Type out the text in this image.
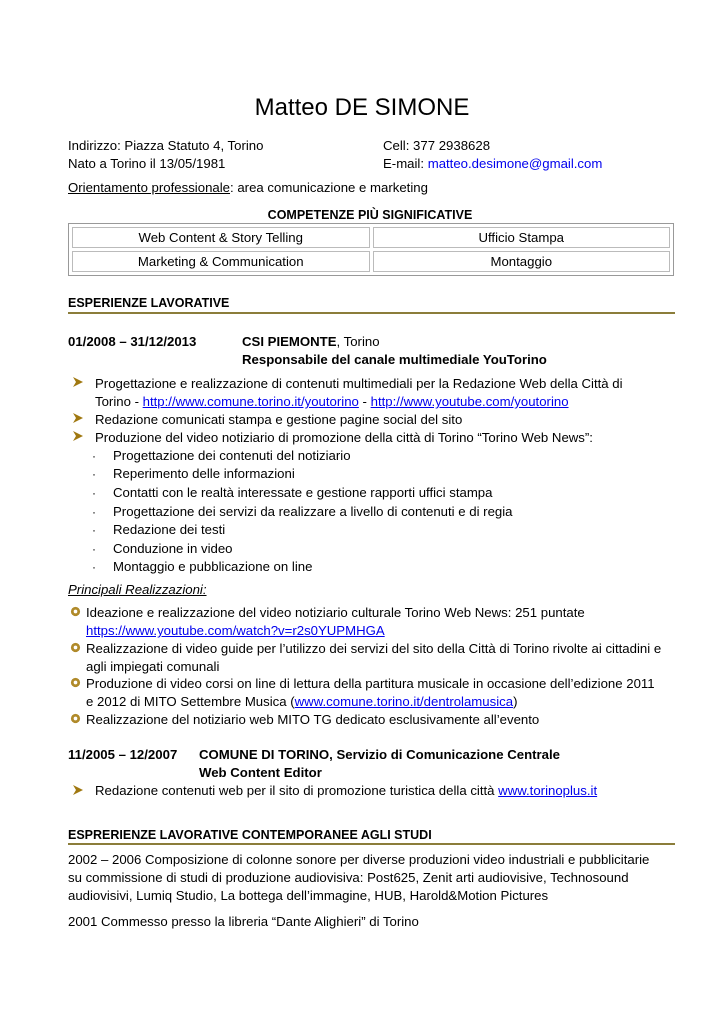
Matteo DE SIMONE
Indirizzo: Piazza Statuto 4, Torino	Cell: 377 2938628
Nato a Torino il 13/05/1981	E-mail: matteo.desimone@gmail.com
Orientamento professionale: area comunicazione e marketing
COMPETENZE PIÙ SIGNIFICATIVE
Web Content & Story Telling	Ufficio Stampa
Marketing & Communication	Montaggio
ESPERIENZE LAVORATIVE
01/2008 – 31/12/2013	CSI PIEMONTE, Torino
Responsabile del canale multimediale YouTorino
Progettazione e realizzazione di contenuti multimediali per la Redazione Web della Città di
Torino - http://www.comune.torino.it/youtorino - http://www.youtube.com/youtorino
Redazione comunicati stampa e gestione pagine social del sito
Produzione del video notiziario di promozione della città di Torino “Torino Web News”:
· Progettazione dei contenuti del notiziario
· Reperimento delle informazioni
· Contatti con le realtà interessate e gestione rapporti uffici stampa
· Progettazione dei servizi da realizzare a livello di contenuti e di regia
· Redazione dei testi
· Conduzione in video
· Montaggio e pubblicazione on line
Principali Realizzazioni:
Ideazione e realizzazione del video notiziario culturale Torino Web News: 251 puntate
https://www.youtube.com/watch?v=r2s0YUPMHGA
Realizzazione di video guide per l’utilizzo dei servizi del sito della Città di Torino rivolte ai cittadini e
agli impiegati comunali
Produzione di video corsi on line di lettura della partitura musicale in occasione dell’edizione 2011
e 2012 di MITO Settembre Musica (www.comune.torino.it/dentrolamusica)
Realizzazione del notiziario web MITO TG dedicato esclusivamente all’evento
11/2005 – 12/2007 COMUNE DI TORINO, Servizio di Comunicazione Centrale
Web Content Editor
Redazione contenuti web per il sito di promozione turistica della città www.torinoplus.it
ESPRERIENZE LAVORATIVE CONTEMPORANEE AGLI STUDI
2002 – 2006 Composizione di colonne sonore per diverse produzioni video industriali e pubblicitarie
su commissione di studi di produzione audiovisiva: Post625, Zenit arti audiovisive, Technosound
audiovisivi, Lumiq Studio, La bottega dell’immagine, HUB, Harold&Motion Pictures
2001 Commesso presso la libreria “Dante Alighieri” di Torino
